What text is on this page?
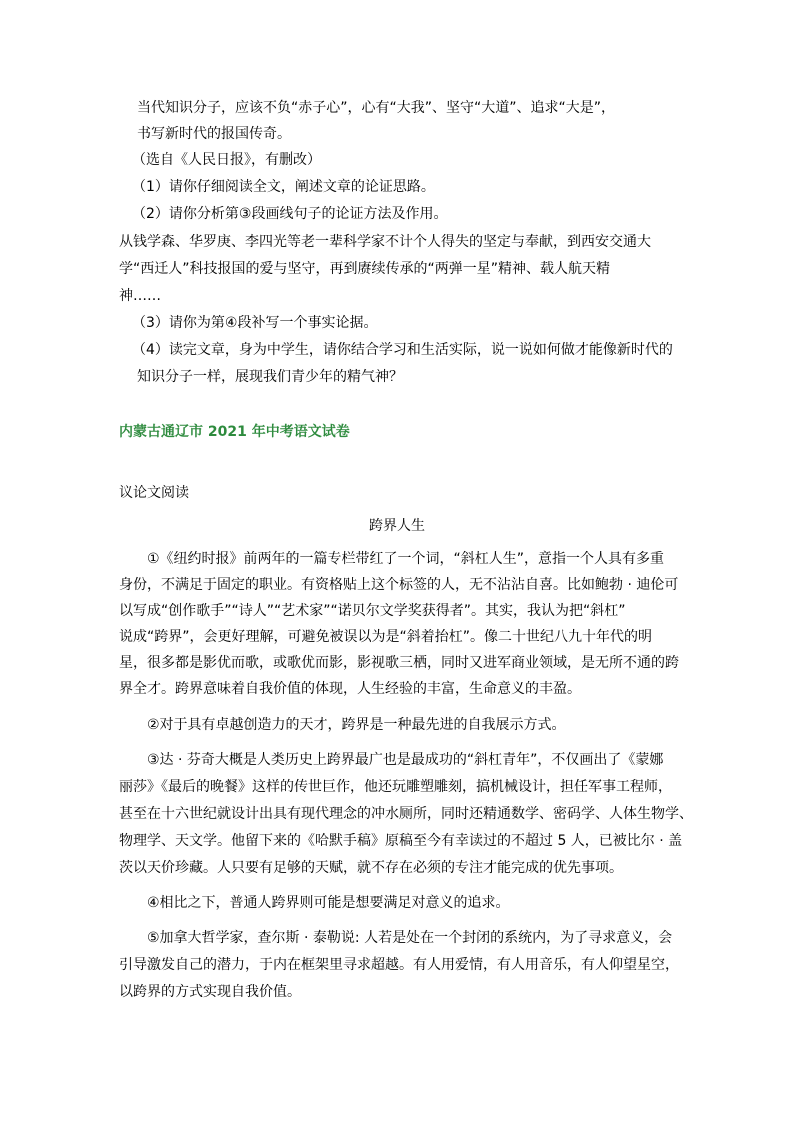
当代知识分子，应该不负“赤子心”，心有“大我”、坚守“大道”、追求“大是”，
书写新时代的报国传奇。
（选自《人民日报》，有删改）
（1）请你仔细阅读全文，阐述文章的论证思路。
（2）请你分析第③段画线句子的论证方法及作用。
从钱学森、华罗庚、李四光等老一辈科学家不计个人得失的坚定与奉献，到西安交通大
学“西迁人”科技报国的爱与坚守，再到赓续传承的“两弹一星”精神、载人航天精
神……
（3）请你为第④段补写一个事实论据。
（4）读完文章，身为中学生，请你结合学习和生活实际，说一说如何做才能像新时代的
知识分子一样，展现我们青少年的精气神？
内蒙古通辽市 2021 年中考语文试卷
议论文阅读
跨界人生
①《纽约时报》前两年的一篇专栏带红了一个词，“斜杠人生”，意指一个人具有多重
身份，不满足于固定的职业。有资格贴上这个标签的人，无不沾沾自喜。比如鲍勃 · 迪伦可
以写成“创作歌手”“诗人”“艺术家”“诺贝尔文学奖获得者”。其实，我认为把“斜杠”
说成“跨界”，会更好理解，可避免被误以为是“斜着抬杠”。像二十世纪八九十年代的明
星，很多都是影优而歌，或歌优而影，影视歌三栖，同时又进军商业领域，是无所不通的跨
界全才。跨界意味着自我价值的体现，人生经验的丰富，生命意义的丰盈。
②对于具有卓越创造力的天才，跨界是一种最先进的自我展示方式。
③达 · 芬奇大概是人类历史上跨界最广也是最成功的“斜杠青年”，不仅画出了《蒙娜
丽莎》《最后的晚餐》这样的传世巨作，他还玩雕塑雕刻，搞机械设计，担任军事工程师，
甚至在十六世纪就设计出具有现代理念的冲水厕所，同时还精通数学、密码学、人体生物学、
物理学、天文学。他留下来的《哈默手稿》原稿至今有幸读过的不超过 5 人，已被比尔 · 盖
茨以天价珍藏。人只要有足够的天赋，就不存在必须的专注才能完成的优先事项。
④相比之下，普通人跨界则可能是想要满足对意义的追求。
⑤加拿大哲学家，查尔斯 · 泰勒说: 人若是处在一个封闭的系统内，为了寻求意义，会
引导激发自己的潜力，于内在框架里寻求超越。有人用爱情，有人用音乐，有人仰望星空，
以跨界的方式实现自我价值。
